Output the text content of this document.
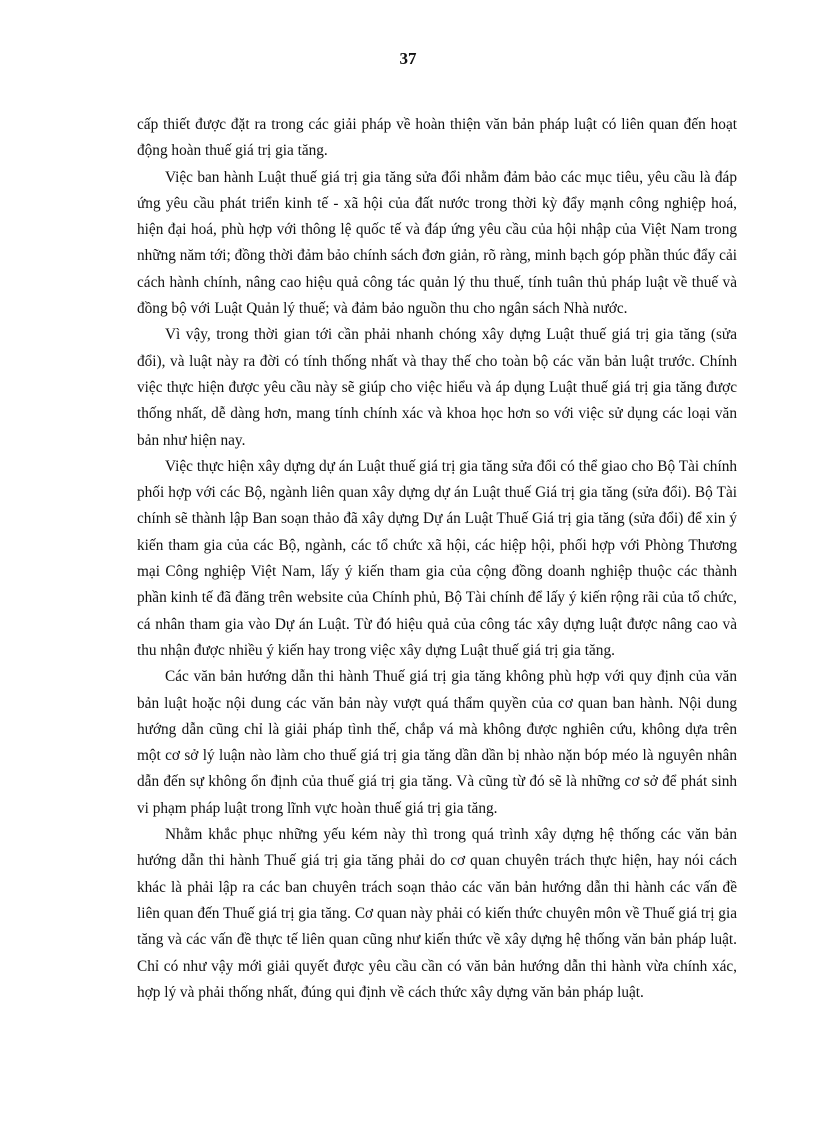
37

cấp thiết được đặt ra trong các giải pháp về hoàn thiện văn bản pháp luật có liên quan đến hoạt động hoàn thuế giá trị gia tăng.

Việc ban hành Luật thuế giá trị gia tăng sửa đổi nhằm đảm bảo các mục tiêu, yêu cầu là đáp ứng yêu cầu phát triển kinh tế - xã hội của đất nước trong thời kỳ đẩy mạnh công nghiệp hoá, hiện đại hoá, phù hợp với thông lệ quốc tế và đáp ứng yêu cầu của hội nhập của Việt Nam trong những năm tới; đồng thời đảm bảo chính sách đơn giản, rõ ràng, minh bạch góp phần thúc đẩy cải cách hành chính, nâng cao hiệu quả công tác quản lý thu thuế, tính tuân thủ pháp luật về thuế và đồng bộ với Luật Quản lý thuế; và đảm bảo nguồn thu cho ngân sách Nhà nước.

Vì vậy, trong thời gian tới cần phải nhanh chóng xây dựng Luật thuế giá trị gia tăng (sửa đổi), và luật này ra đời có tính thống nhất và thay thế cho toàn bộ các văn bản luật trước. Chính việc thực hiện được yêu cầu này sẽ giúp cho việc hiểu và áp dụng Luật thuế giá trị gia tăng được thống nhất, dễ dàng hơn, mang tính chính xác và khoa học hơn so với việc sử dụng các loại văn bản như hiện nay.

Việc thực hiện xây dựng dự án Luật thuế giá trị gia tăng sửa đổi có thể giao cho Bộ Tài chính phối hợp với các Bộ, ngành liên quan xây dựng dự án Luật thuế Giá trị gia tăng (sửa đổi). Bộ Tài chính sẽ thành lập Ban soạn thảo đã xây dựng Dự án Luật Thuế Giá trị gia tăng (sửa đổi) để xin ý kiến tham gia của các Bộ, ngành, các tổ chức xã hội, các hiệp hội, phối hợp với Phòng Thương mại Công nghiệp Việt Nam, lấy ý kiến tham gia của cộng đồng doanh nghiệp thuộc các thành phần kinh tế đã đăng trên website của Chính phủ, Bộ Tài chính để lấy ý kiến rộng rãi của tổ chức, cá nhân tham gia vào Dự án Luật. Từ đó hiệu quả của công tác xây dựng luật được nâng cao và thu nhận được nhiều ý kiến hay trong việc xây dựng Luật thuế giá trị gia tăng.

Các văn bản hướng dẫn thi hành Thuế giá trị gia tăng không phù hợp với quy định của văn bản luật hoặc nội dung các văn bản này vượt quá thẩm quyền của cơ quan ban hành. Nội dung hướng dẫn cũng chỉ là giải pháp tình thế, chắp vá mà không được nghiên cứu, không dựa trên một cơ sở lý luận nào làm cho thuế giá trị gia tăng dần dần bị nhào nặn bóp méo là nguyên nhân dẫn đến sự không ổn định của thuế giá trị gia tăng. Và cũng từ đó sẽ là những cơ sở để phát sinh vi phạm pháp luật trong lĩnh vực hoàn thuế giá trị gia tăng.

Nhằm khắc phục những yếu kém này thì trong quá trình xây dựng hệ thống các văn bản hướng dẫn thi hành Thuế giá trị gia tăng phải do cơ quan chuyên trách thực hiện, hay nói cách khác là phải lập ra các ban chuyên trách soạn thảo các văn bản hướng dẫn thi hành các vấn đề liên quan đến Thuế giá trị gia tăng. Cơ quan này phải có kiến thức chuyên môn về Thuế giá trị gia tăng và các vấn đề thực tế liên quan cũng như kiến thức về xây dựng hệ thống văn bản pháp luật. Chỉ có như vậy mới giải quyết được yêu cầu cần có văn bản hướng dẫn thi hành vừa chính xác, hợp lý và phải thống nhất, đúng qui định về cách thức xây dựng văn bản pháp luật.
